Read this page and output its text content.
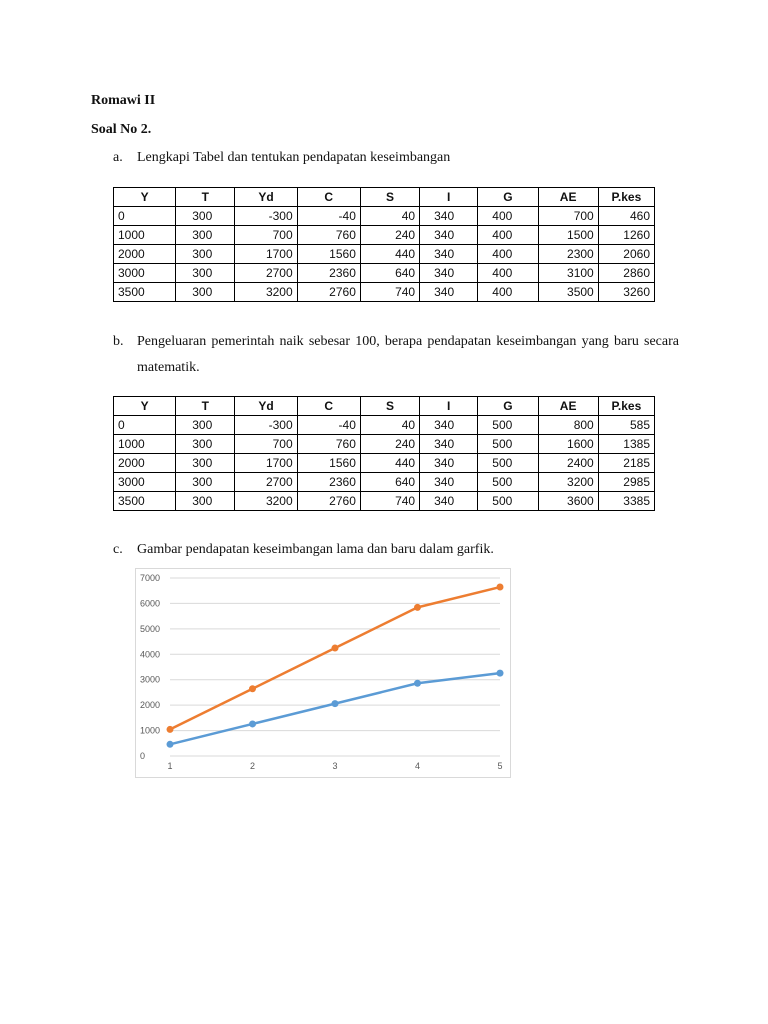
Romawi II
Soal No 2.
a. Lengkapi Tabel dan tentukan pendapatan keseimbangan
Y	T	Yd	C	S	I	G	AE	P.kes
0	300	-300	-40	40	340	400	700	460
1000	300	700	760	240	340	400	1500	1260
2000	300	1700	1560	440	340	400	2300	2060
3000	300	2700	2360	640	340	400	3100	2860
3500	300	3200	2760	740	340	400	3500	3260
b. Pengeluaran pemerintah naik sebesar 100, berapa pendapatan keseimbangan yang baru secara matematik.
Y	T	Yd	C	S	I	G	AE	P.kes
0	300	-300	-40	40	340	500	800	585
1000	300	700	760	240	340	500	1600	1385
2000	300	1700	1560	440	340	500	2400	2185
3000	300	2700	2360	640	340	500	3200	2985
3500	300	3200	2760	740	340	500	3600	3385
c. Gambar pendapatan keseimbangan lama dan baru dalam garfik.
0
1000
2000
3000
4000
5000
6000
7000
1	2	3	4	5
